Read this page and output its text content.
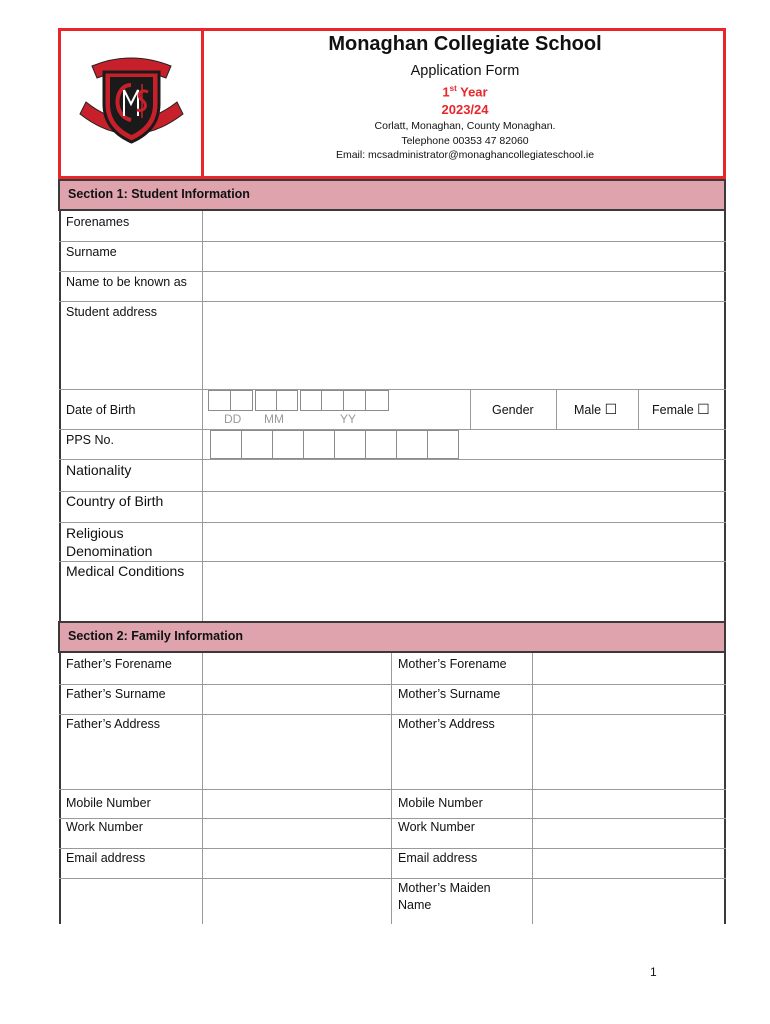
Monaghan Collegiate School
Application Form
1st Year
2023/24
Corlatt, Monaghan, County Monaghan.
Telephone 00353 47 82060
Email: mcsadministrator@monaghancollegiateschool.ie
Section 1: Student Information
Forenames
Surname
Name to be known as
Student address
Date of Birth
DD MM	YY
Gender	Male ☐	Female ☐
PPS No.
Nationality
Country of Birth
Religious
Denomination
Medical Conditions
Section 2: Family Information
Father’s Forename	Mother’s Forename
Father’s Surname	Mother’s Surname
Father’s Address	Mother’s Address
Mobile Number	Mobile Number
Work Number	Work Number
Email address	Email address
Mother’s Maiden
Name
1
